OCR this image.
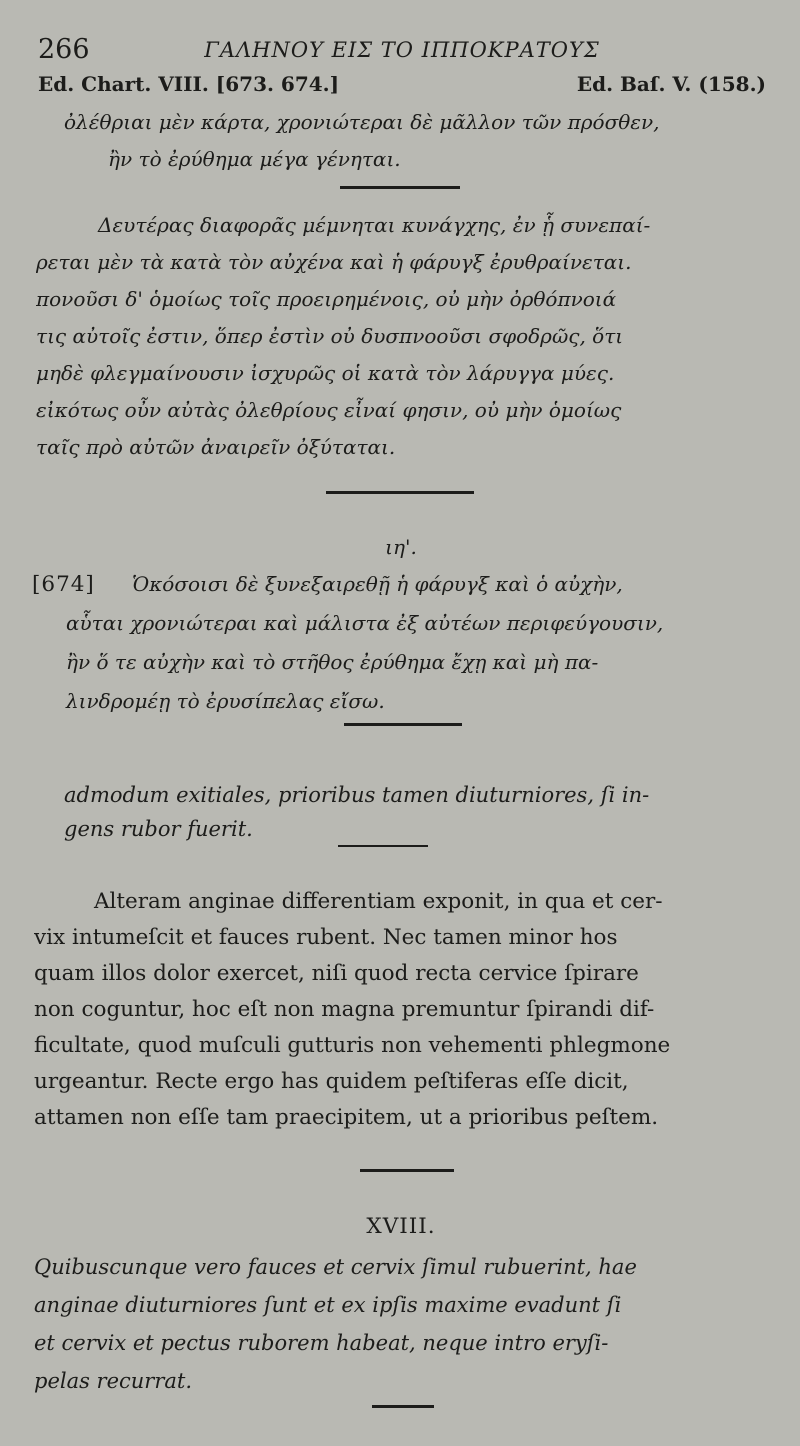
266	ΓΑΛΗΝΟΥ ΕΙΣ ΤΟ ΙΠΠΟΚΡΑΤΟΥΣ
Ed. Chart. VIII. [673. 674.]	Ed. Baſ. V. (158.)
ὀλέθριαι μὲν κάρτα, χρονιώτεραι δὲ μᾶλλον τῶν πρόσθεν,
ἢν τὸ ἐρύθημα μέγα γένηται.
Δευτέρας διαφορᾶς μέμνηται κυνάγχης, ἐν ᾗ συνεπαί-
ρεται μὲν τὰ κατὰ τὸν αὐχένα καὶ ἡ φάρυγξ ἐρυθραίνεται.
πονοῦσι δ' ὁμοίως τοῖς προειρημένοις, οὐ μὴν ὀρθόπνοιά
τις αὐτοῖς ἐστιν, ὅπερ ἐστὶν οὐ δυσπνοοῦσι σφοδρῶς, ὅτι
μηδὲ φλεγμαίνουσιν ἰσχυρῶς οἱ κατὰ τὸν λάρυγγα μύες.
εἰκότως οὖν αὐτὰς ὀλεθρίους εἶναί φησιν, οὐ μὴν ὁμοίως
ταῖς πρὸ αὐτῶν ἀναιρεῖν ὀξύταται.
ιη'.
[674] Ὁκόσοισι δὲ ξυνεξαιρεθῇ ἡ φάρυγξ καὶ ὁ αὐχὴν,
αὗται χρονιώτεραι καὶ μάλιστα ἐξ αὐτέων περιφεύγουσιν,
ἢν ὅ τε αὐχὴν καὶ τὸ στῆθος ἐρύθημα ἔχῃ καὶ μὴ πα-
λινδρομέῃ τὸ ἐρυσίπελας εἴσω.
admodum exitiales, prioribus tamen diuturniores, ſi in-
gens rubor fuerit.
Alteram anginae differentiam exponit, in qua et cer-
vix intumeſcit et fauces rubent. Nec tamen minor hos
quam illos dolor exercet, niſi quod recta cervice ſpirare
non coguntur, hoc eſt non magna premuntur ſpirandi dif-
ficultate, quod muſculi gutturis non vehementi phlegmone
urgeantur. Recte ergo has quidem peſtiferas eſſe dicit,
attamen non eſſe tam praecipitem, ut a prioribus peſtem.
XVIII.
Quibuscunque vero fauces et cervix ſimul rubuerint, hae
anginae diuturniores ſunt et ex ipſis maxime evadunt ſi
et cervix et pectus ruborem habeat, neque intro eryſi-
pelas recurrat.
